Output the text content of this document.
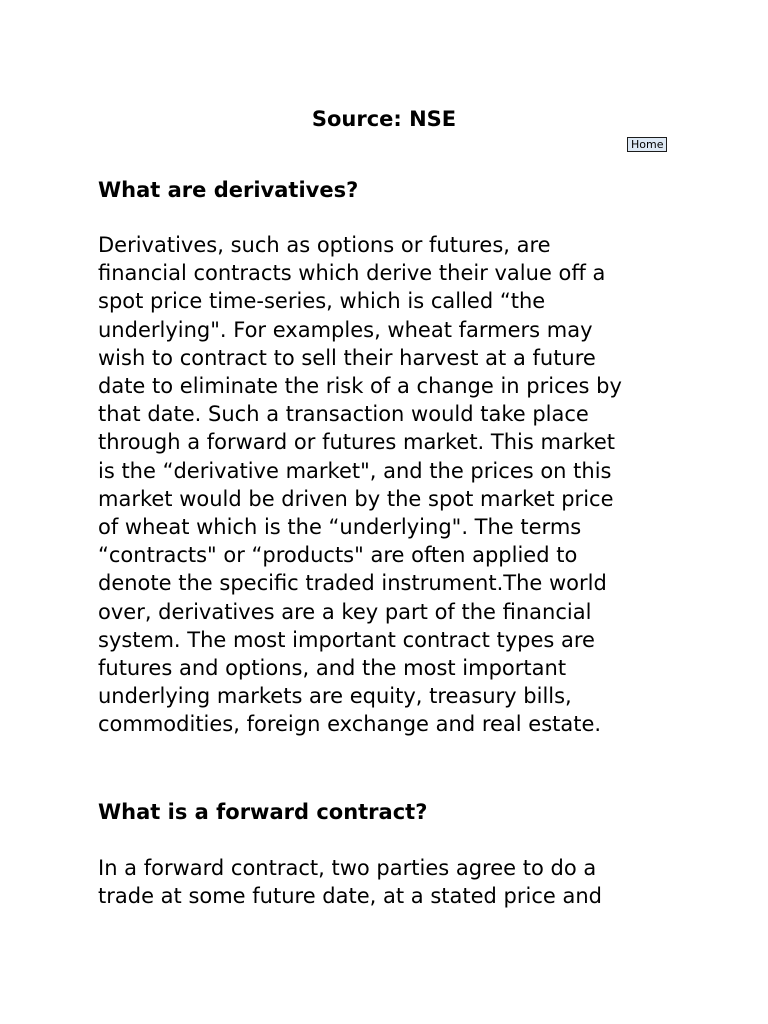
Source: NSE
Home
What are derivatives?

Derivatives, such as options or futures, are
financial contracts which derive their value off a
spot price time-series, which is called “the
underlying". For examples, wheat farmers may
wish to contract to sell their harvest at a future
date to eliminate the risk of a change in prices by
that date. Such a transaction would take place
through a forward or futures market. This market
is the “derivative market", and the prices on this
market would be driven by the spot market price
of wheat which is the “underlying". The terms
“contracts" or “products" are often applied to
denote the specific traded instrument.The world
over, derivatives are a key part of the financial
system. The most important contract types are
futures and options, and the most important
underlying markets are equity, treasury bills,
commodities, foreign exchange and real estate.

What is a forward contract?

In a forward contract, two parties agree to do a
trade at some future date, at a stated price and
